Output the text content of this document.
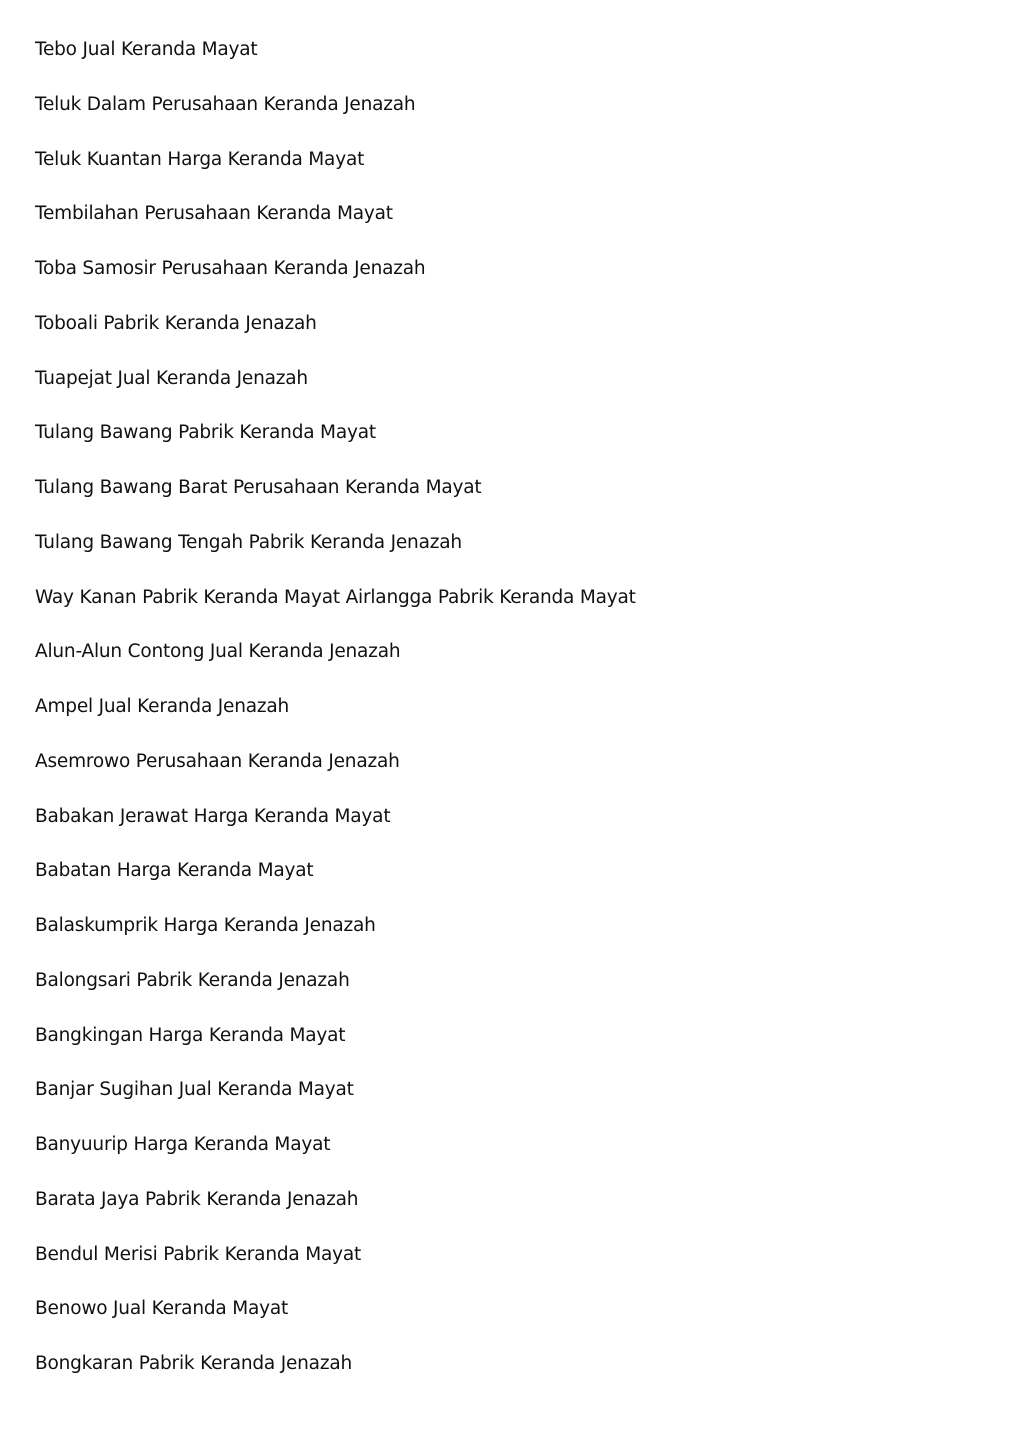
Tebo Jual Keranda Mayat
Teluk Dalam Perusahaan Keranda Jenazah
Teluk Kuantan Harga Keranda Mayat
Tembilahan Perusahaan Keranda Mayat
Toba Samosir Perusahaan Keranda Jenazah
Toboali Pabrik Keranda Jenazah
Tuapejat Jual Keranda Jenazah
Tulang Bawang Pabrik Keranda Mayat
Tulang Bawang Barat Perusahaan Keranda Mayat
Tulang Bawang Tengah Pabrik Keranda Jenazah
Way Kanan Pabrik Keranda Mayat Airlangga Pabrik Keranda Mayat
Alun-Alun Contong Jual Keranda Jenazah
Ampel Jual Keranda Jenazah
Asemrowo Perusahaan Keranda Jenazah
Babakan Jerawat Harga Keranda Mayat
Babatan Harga Keranda Mayat
Balaskumprik Harga Keranda Jenazah
Balongsari Pabrik Keranda Jenazah
Bangkingan Harga Keranda Mayat
Banjar Sugihan Jual Keranda Mayat
Banyuurip Harga Keranda Mayat
Barata Jaya Pabrik Keranda Jenazah
Bendul Merisi Pabrik Keranda Mayat
Benowo Jual Keranda Mayat
Bongkaran Pabrik Keranda Jenazah
